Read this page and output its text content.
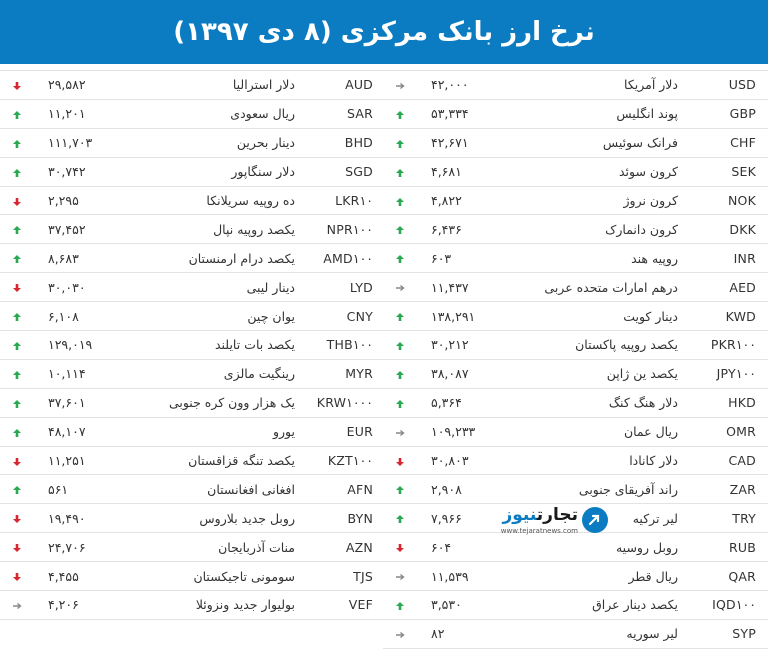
نرخ ارز بانک مرکزی (۸ دی ۱۳۹۷)
۲۹,۵۸۲	دلار استرالیا	AUD
۱۱,۲۰۱	ریال سعودی	SAR
۱۱۱,۷۰۳	دینار بحرین	BHD
۳۰,۷۴۲	دلار سنگاپور	SGD
۲,۲۹۵	ده روپیه سریلانکا	LKR۱۰
۳۷,۴۵۲	یکصد روپیه نپال	NPR۱۰۰
۸,۶۸۳	یکصد درام ارمنستان	AMD۱۰۰
۳۰,۰۳۰	دینار لیبی	LYD
۶,۱۰۸	یوان چین	CNY
۱۲۹,۰۱۹	یکصد بات تایلند	THB۱۰۰
۱۰,۱۱۴	رینگیت مالزی	MYR
۳۷,۶۰۱	یک هزار وون کره جنوبی	KRW۱۰۰۰
۴۸,۱۰۷	یورو	EUR
۱۱,۲۵۱	یکصد تنگه قزاقستان	KZT۱۰۰
۵۶۱	افغانی افغانستان	AFN
۱۹,۴۹۰	روبل جدید بلاروس	BYN
۲۴,۷۰۶	منات آذربایجان	AZN
۴,۴۵۵	سومونی تاجیکستان	TJS
۴,۲۰۶	بولیوار جدید ونزوئلا	VEF
۴۲,۰۰۰	دلار آمریکا	USD
۵۳,۳۳۴	پوند انگلیس	GBP
۴۲,۶۷۱	فرانک سوئیس	CHF
۴,۶۸۱	کرون سوئد	SEK
۴,۸۲۲	کرون نروژ	NOK
۶,۴۳۶	کرون دانمارک	DKK
۶۰۳	روپیه هند	INR
۱۱,۴۳۷	درهم امارات متحده عربی	AED
۱۳۸,۲۹۱	دینار کویت	KWD
۳۰,۲۱۲	یکصد روپیه پاکستان	PKR۱۰۰
۳۸,۰۸۷	یکصد ین ژاپن	JPY۱۰۰
۵,۳۶۴	دلار هنگ کنگ	HKD
۱۰۹,۲۳۳	ریال عمان	OMR
۳۰,۸۰۳	دلار کانادا	CAD
۲,۹۰۸	راند آفریقای جنوبی	ZAR
۷,۹۶۶	لیر ترکیه	TRY
۶۰۴	روبل روسیه	RUB
۱۱,۵۳۹	ریال قطر	QAR
۳,۵۳۰	یکصد دینار عراق	IQD۱۰۰
۸۲	لیر سوریه	SYP
تجارتنیوز
www.tejaratnews.com
